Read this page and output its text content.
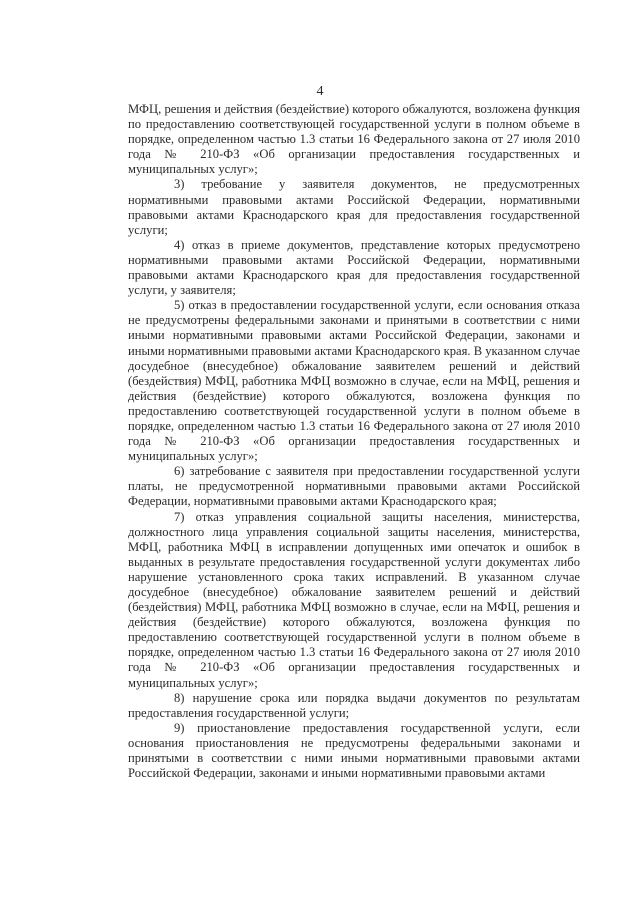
4

МФЦ, решения и действия (бездействие) которого обжалуются, возложена функция по предоставлению соответствующей государственной услуги в полном объеме в порядке, определенном частью 1.3 статьи 16 Федерального закона от 27 июля 2010 года № 210-ФЗ «Об организации предоставления государственных и муниципальных услуг»;

3) требование у заявителя документов, не предусмотренных нормативными правовыми актами Российской Федерации, нормативными правовыми актами Краснодарского края для предоставления государственной услуги;

4) отказ в приеме документов, представление которых предусмотрено нормативными правовыми актами Российской Федерации, нормативными правовыми актами Краснодарского края для предоставления государственной услуги, у заявителя;

5) отказ в предоставлении государственной услуги, если основания отказа не предусмотрены федеральными законами и принятыми в соответствии с ними иными нормативными правовыми актами Российской Федерации, законами и иными нормативными правовыми актами Краснодарского края. В указанном случае досудебное (внесудебное) обжалование заявителем решений и действий (бездействия) МФЦ, работника МФЦ возможно в случае, если на МФЦ, решения и действия (бездействие) которого обжалуются, возложена функция по предоставлению соответствующей государственной услуги в полном объеме в порядке, определенном частью 1.3 статьи 16 Федерального закона от 27 июля 2010 года № 210-ФЗ «Об организации предоставления государственных и муниципальных услуг»;

6) затребование с заявителя при предоставлении государственной услуги платы, не предусмотренной нормативными правовыми актами Российской Федерации, нормативными правовыми актами Краснодарского края;

7) отказ управления социальной защиты населения, министерства, должностного лица управления социальной защиты населения, министерства, МФЦ, работника МФЦ в исправлении допущенных ими опечаток и ошибок в выданных в результате предоставления государственной услуги документах либо нарушение установленного срока таких исправлений. В указанном случае досудебное (внесудебное) обжалование заявителем решений и действий (бездействия) МФЦ, работника МФЦ возможно в случае, если на МФЦ, решения и действия (бездействие) которого обжалуются, возложена функция по предоставлению соответствующей государственной услуги в полном объеме в порядке, определенном частью 1.3 статьи 16 Федерального закона от 27 июля 2010 года № 210-ФЗ «Об организации предоставления государственных и муниципальных услуг»;

8) нарушение срока или порядка выдачи документов по результатам предоставления государственной услуги;

9) приостановление предоставления государственной услуги, если основания приостановления не предусмотрены федеральными законами и принятыми в соответствии с ними иными нормативными правовыми актами Российской Федерации, законами и иными нормативными правовыми актами
